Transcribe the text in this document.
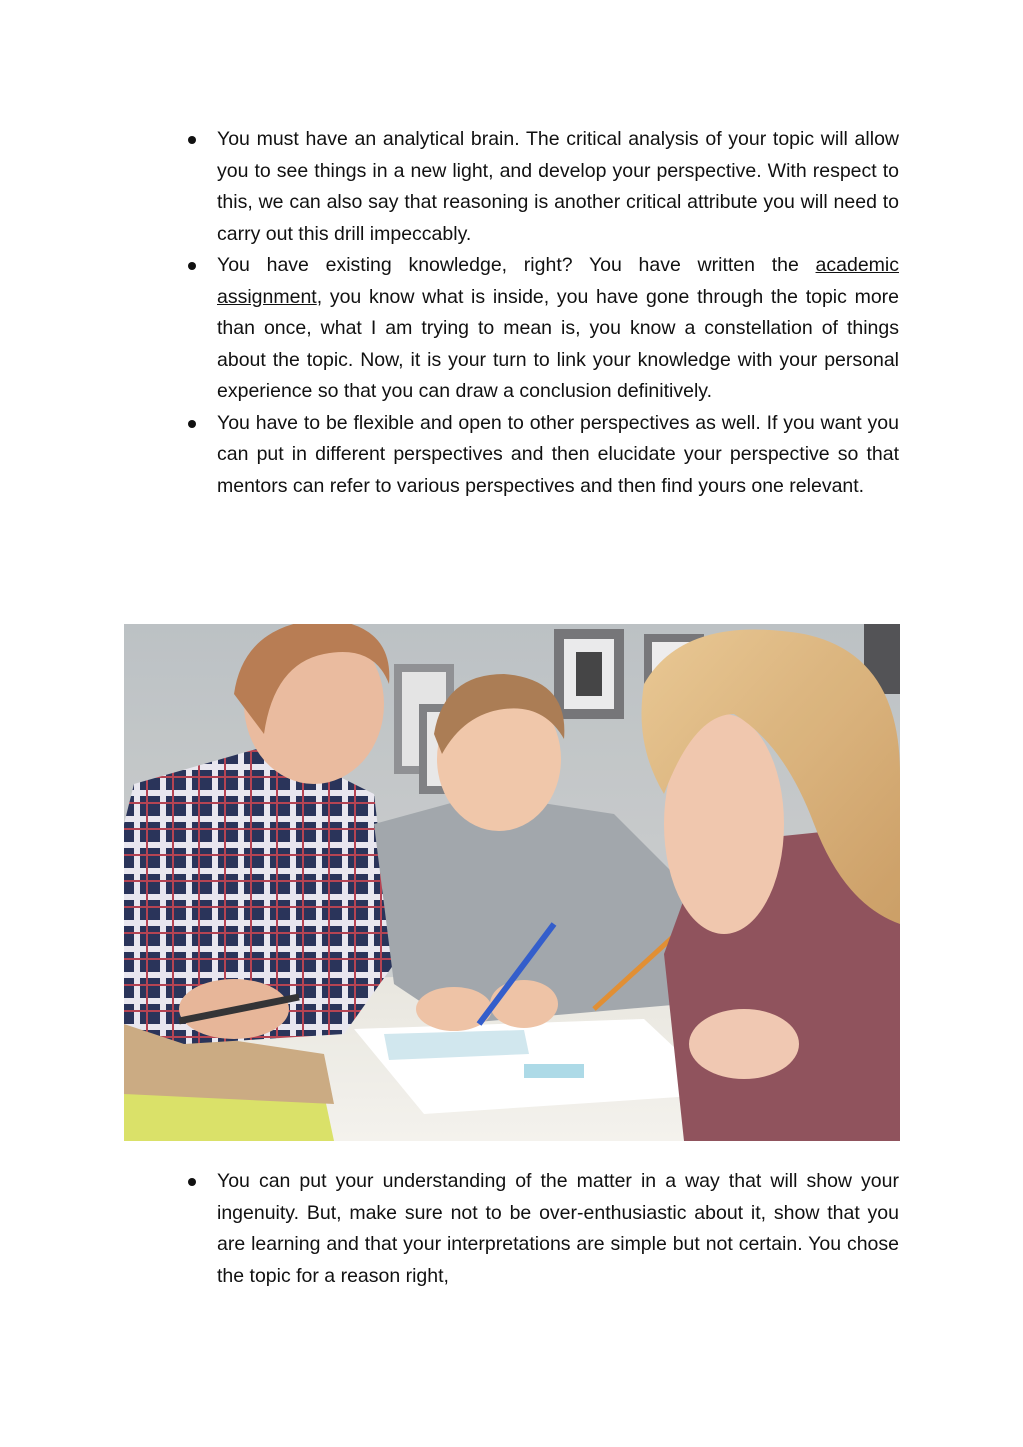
You must have an analytical brain. The critical analysis of your topic will allow you to see things in a new light, and develop your perspective. With respect to this, we can also say that reasoning is another critical attribute you will need to carry out this drill impeccably.
You have existing knowledge, right? You have written the academic assignment, you know what is inside, you have gone through the topic more than once, what I am trying to mean is, you know a constellation of things about the topic. Now, it is your turn to link your knowledge with your personal experience so that you can draw a conclusion definitively.
You have to be flexible and open to other perspectives as well. If you want you can put in different perspectives and then elucidate your perspective so that mentors can refer to various perspectives and then find yours one relevant.
You can put your understanding of the matter in a way that will show your ingenuity. But, make sure not to be over-enthusiastic about it, show that you are learning and that your interpretations are simple but not certain. You chose the topic for a reason right,
